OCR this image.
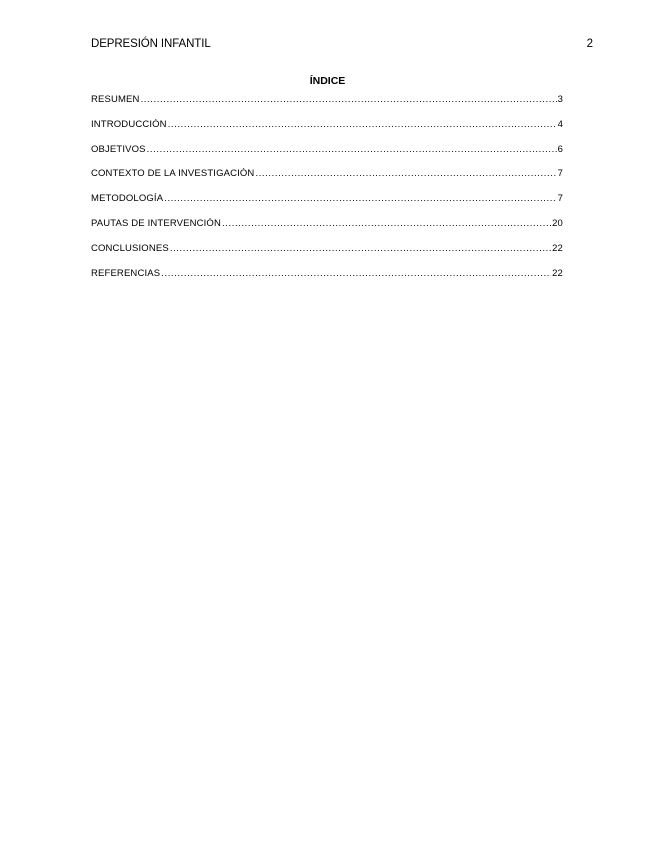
DEPRESIÓN INFANTIL	2
ÍNDICE
RESUMEN .....	3
INTRODUCCIÓN .....	4
OBJETIVOS .....	6
CONTEXTO DE LA INVESTIGACIÓN .....	7
METODOLOGÍA .....	7
PAUTAS DE INTERVENCIÓN .....	20
CONCLUSIONES .....	22
REFERENCIAS .....	22
